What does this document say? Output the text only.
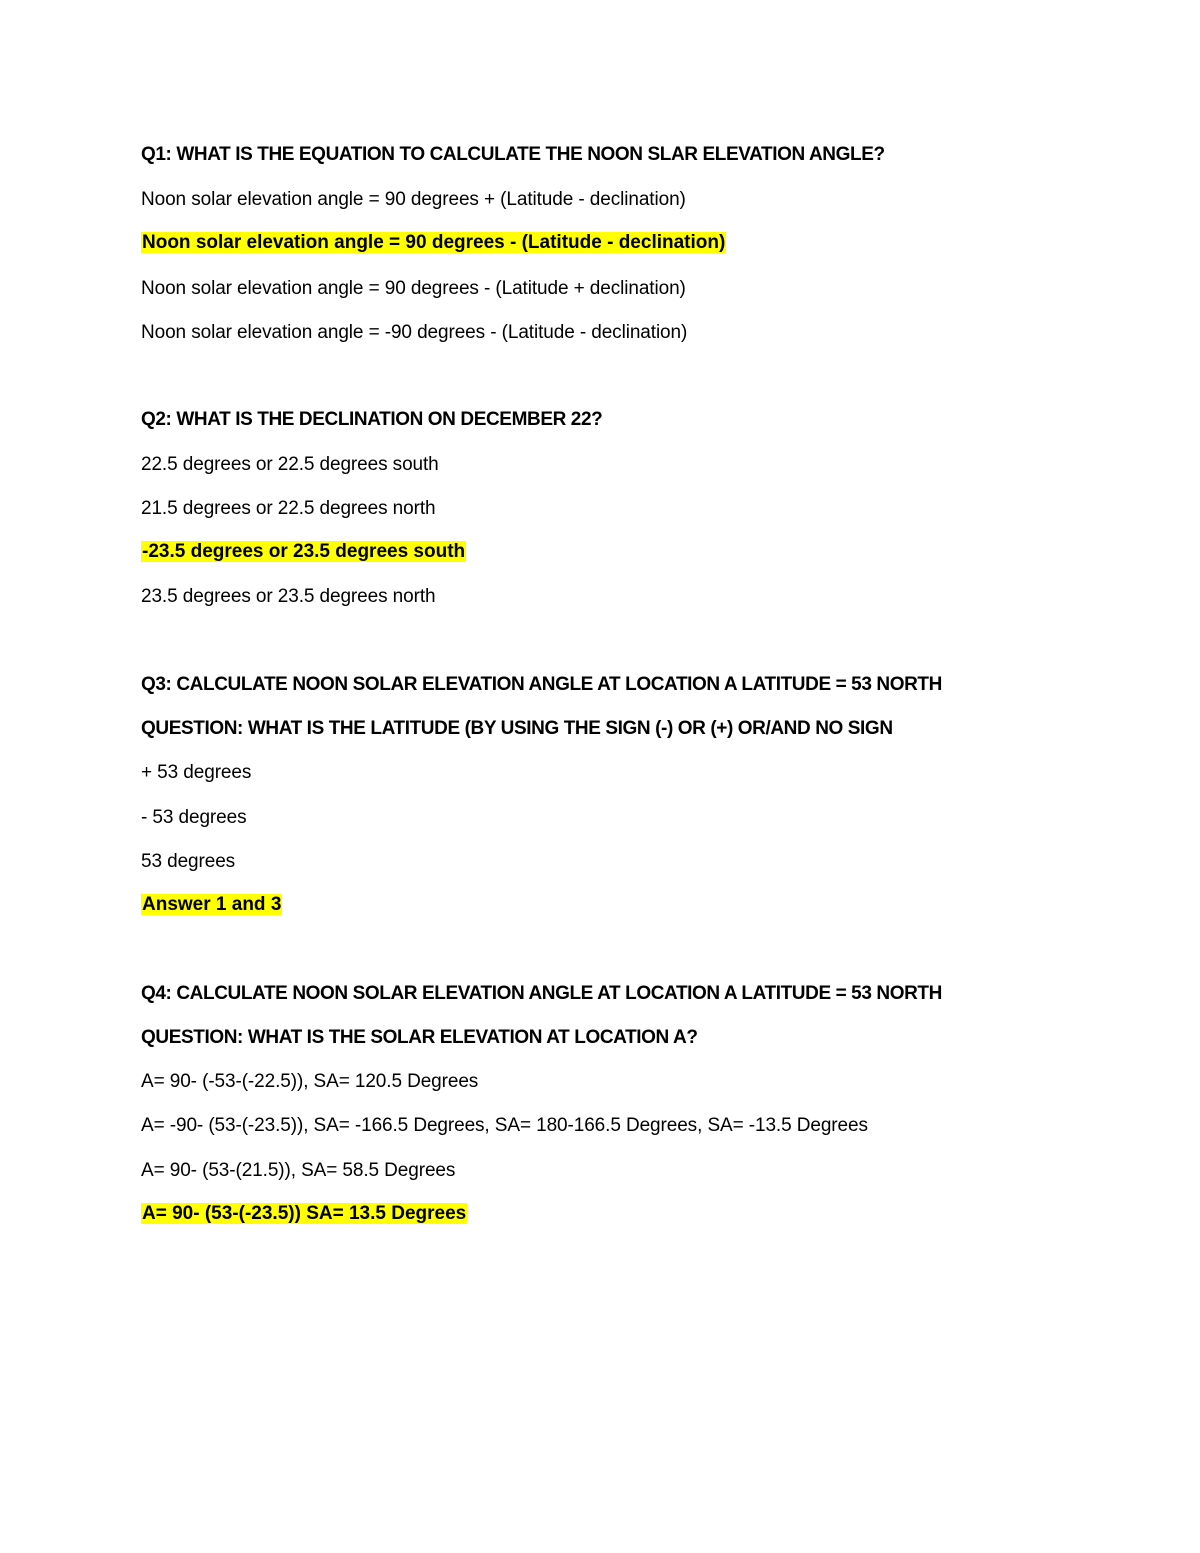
Q1: WHAT IS THE EQUATION TO CALCULATE THE NOON SLAR ELEVATION ANGLE?
Noon solar elevation angle = 90 degrees + (Latitude - declination)
Noon solar elevation angle = 90 degrees - (Latitude - declination)
Noon solar elevation angle = 90 degrees - (Latitude + declination)
Noon solar elevation angle = -90 degrees - (Latitude - declination)
Q2: WHAT IS THE DECLINATION ON DECEMBER 22?
22.5 degrees or 22.5 degrees south
21.5 degrees or 22.5 degrees north
-23.5 degrees or 23.5 degrees south
23.5 degrees or 23.5 degrees north
Q3: CALCULATE NOON SOLAR ELEVATION ANGLE AT LOCATION A LATITUDE = 53 NORTH
QUESTION: WHAT IS THE LATITUDE (BY USING THE SIGN (-) OR (+) OR/AND NO SIGN
+ 53 degrees
- 53 degrees
53 degrees
Answer 1 and 3
Q4: CALCULATE NOON SOLAR ELEVATION ANGLE AT LOCATION A LATITUDE = 53 NORTH
QUESTION: WHAT IS THE SOLAR ELEVATION AT LOCATION A?
A= 90- (-53-(-22.5)), SA= 120.5 Degrees
A= -90- (53-(-23.5)), SA= -166.5 Degrees, SA= 180-166.5 Degrees, SA= -13.5 Degrees
A= 90- (53-(21.5)), SA= 58.5 Degrees
A= 90- (53-(-23.5)) SA= 13.5 Degrees
